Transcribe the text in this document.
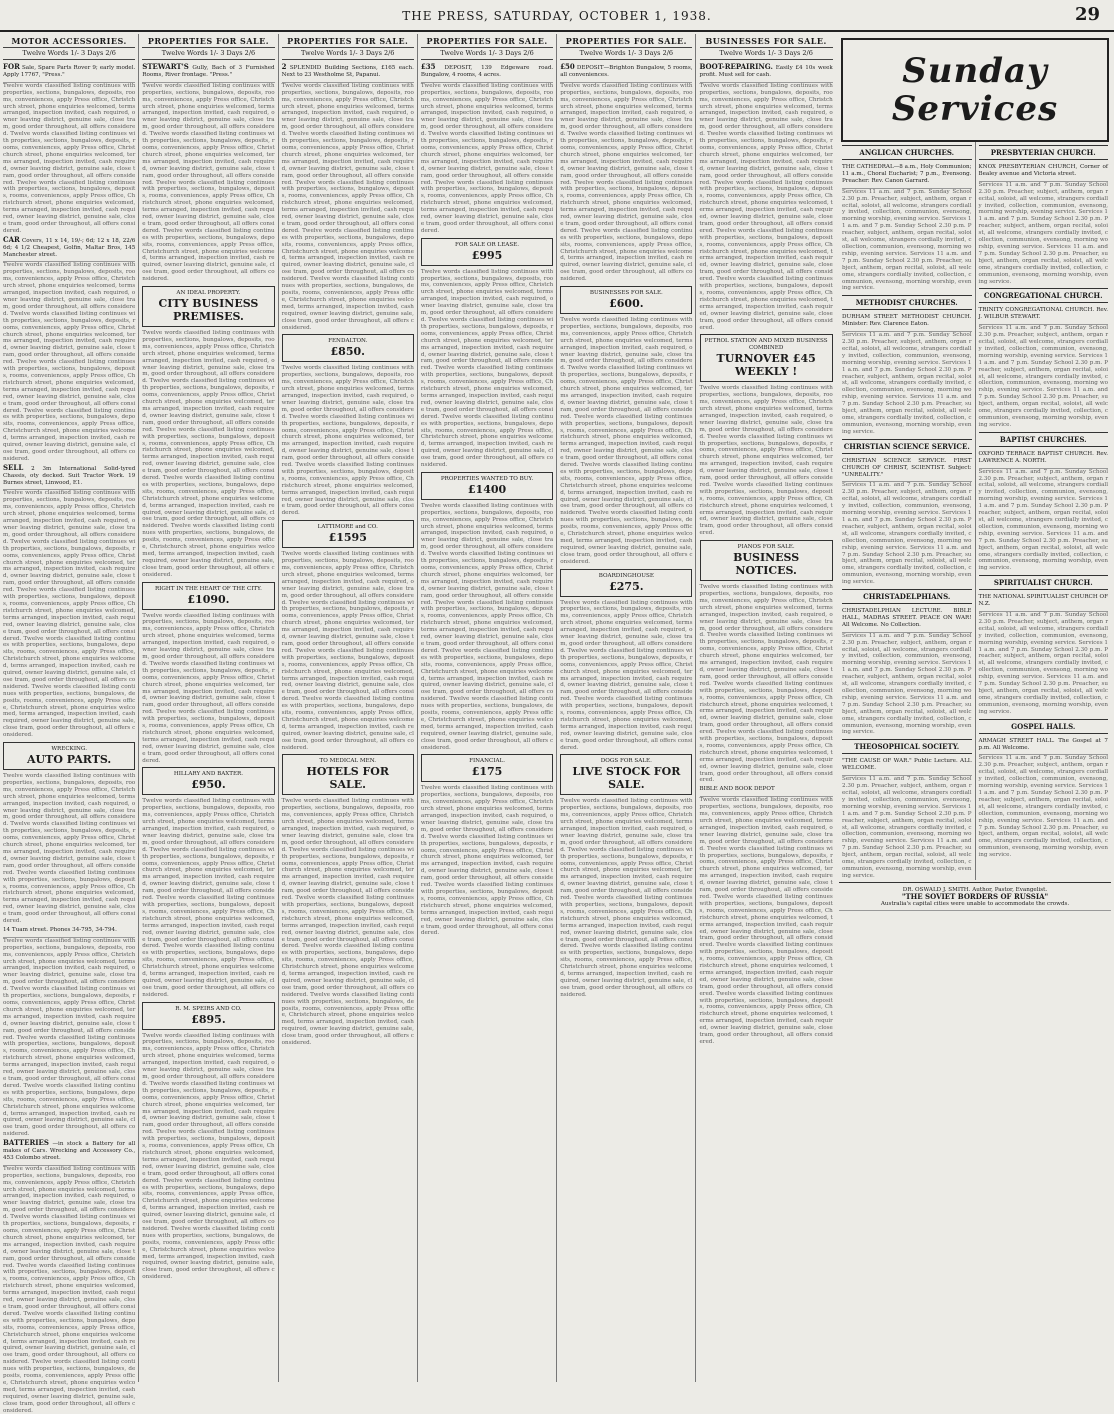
THE PRESS, SATURDAY, OCTOBER 1, 1938.	29
MOTOR ACCESSORIES.
Twelve Words 1/- 3 Days 2/6
FOR Sale, Spare Parts Rover 9; early model. Apply 17767, "Press."
Twelve words classified listing continues with properties, sections, bungalows, deposits, rooms, conveniences, apply Press office, Christchurch street, phone enquiries welcomed, terms arranged, inspection invited, cash required, owner leaving district, genuine sale, close tram, good order throughout, all offers considered. Twelve words classified listing continues with properties, sections, bungalows, deposits, rooms, conveniences, apply Press office, Christchurch street, phone enquiries welcomed, terms arranged, inspection invited, cash required, owner leaving district, genuine sale, close tram, good order throughout, all offers considered. Twelve words classified listing continues with properties, sections, bungalows, deposits, rooms, conveniences, apply Press office, Christchurch street, phone enquiries welcomed, terms arranged, inspection invited, cash required, owner leaving district, genuine sale, close tram, good order throughout, all offers considered.
CAR Covers, 11 x 14, 19/-; 6d; 12 x 18, 22/6 6d; 4 1/2 Cheapest, Golfin, Maltar Bros, 145 Manchester street.
Twelve words classified listing continues with properties, sections, bungalows, deposits, rooms, conveniences, apply Press office, Christchurch street, phone enquiries welcomed, terms arranged, inspection invited, cash required, owner leaving district, genuine sale, close tram, good order throughout, all offers considered. Twelve words classified listing continues with properties, sections, bungalows, deposits, rooms, conveniences, apply Press office, Christchurch street, phone enquiries welcomed, terms arranged, inspection invited, cash required, owner leaving district, genuine sale, close tram, good order throughout, all offers considered. Twelve words classified listing continues with properties, sections, bungalows, deposits, rooms, conveniences, apply Press office, Christchurch street, phone enquiries welcomed, terms arranged, inspection invited, cash required, owner leaving district, genuine sale, close tram, good order throughout, all offers considered. Twelve words classified listing continues with properties, sections, bungalows, deposits, rooms, conveniences, apply Press office, Christchurch street, phone enquiries welcomed, terms arranged, inspection invited, cash required, owner leaving district, genuine sale, close tram, good order throughout, all offers considered.
SELL 2 3m International Solid-tyred Chassis, oty decked. Suit Tractor Work. 19 Burnes street, Linwood, E1.
Twelve words classified listing continues with properties, sections, bungalows, deposits, rooms, conveniences, apply Press office, Christchurch street, phone enquiries welcomed, terms arranged, inspection invited, cash required, owner leaving district, genuine sale, close tram, good order throughout, all offers considered. Twelve words classified listing continues with properties, sections, bungalows, deposits, rooms, conveniences, apply Press office, Christchurch street, phone enquiries welcomed, terms arranged, inspection invited, cash required, owner leaving district, genuine sale, close tram, good order throughout, all offers considered. Twelve words classified listing continues with properties, sections, bungalows, deposits, rooms, conveniences, apply Press office, Christchurch street, phone enquiries welcomed, terms arranged, inspection invited, cash required, owner leaving district, genuine sale, close tram, good order throughout, all offers considered. Twelve words classified listing continues with properties, sections, bungalows, deposits, rooms, conveniences, apply Press office, Christchurch street, phone enquiries welcomed, terms arranged, inspection invited, cash required, owner leaving district, genuine sale, close tram, good order throughout, all offers considered. Twelve words classified listing continues with properties, sections, bungalows, deposits, rooms, conveniences, apply Press office, Christchurch street, phone enquiries welcomed, terms arranged, inspection invited, cash required, owner leaving district, genuine sale, close tram, good order throughout, all offers considered.
WRECKING.
AUTO PARTS.
Twelve words classified listing continues with properties, sections, bungalows, deposits, rooms, conveniences, apply Press office, Christchurch street, phone enquiries welcomed, terms arranged, inspection invited, cash required, owner leaving district, genuine sale, close tram, good order throughout, all offers considered. Twelve words classified listing continues with properties, sections, bungalows, deposits, rooms, conveniences, apply Press office, Christchurch street, phone enquiries welcomed, terms arranged, inspection invited, cash required, owner leaving district, genuine sale, close tram, good order throughout, all offers considered. Twelve words classified listing continues with properties, sections, bungalows, deposits, rooms, conveniences, apply Press office, Christchurch street, phone enquiries welcomed, terms arranged, inspection invited, cash required, owner leaving district, genuine sale, close tram, good order throughout, all offers considered.
14 Tuam street. Phones 34-795, 34-794.
Twelve words classified listing continues with properties, sections, bungalows, deposits, rooms, conveniences, apply Press office, Christchurch street, phone enquiries welcomed, terms arranged, inspection invited, cash required, owner leaving district, genuine sale, close tram, good order throughout, all offers considered. Twelve words classified listing continues with properties, sections, bungalows, deposits, rooms, conveniences, apply Press office, Christchurch street, phone enquiries welcomed, terms arranged, inspection invited, cash required, owner leaving district, genuine sale, close tram, good order throughout, all offers considered. Twelve words classified listing continues with properties, sections, bungalows, deposits, rooms, conveniences, apply Press office, Christchurch street, phone enquiries welcomed, terms arranged, inspection invited, cash required, owner leaving district, genuine sale, close tram, good order throughout, all offers considered. Twelve words classified listing continues with properties, sections, bungalows, deposits, rooms, conveniences, apply Press office, Christchurch street, phone enquiries welcomed, terms arranged, inspection invited, cash required, owner leaving district, genuine sale, close tram, good order throughout, all offers considered.
BATTERIES —in stock a Battery for all makes of Cars. Wrecking and Accessory Co., 453 Colombo street.
Twelve words classified listing continues with properties, sections, bungalows, deposits, rooms, conveniences, apply Press office, Christchurch street, phone enquiries welcomed, terms arranged, inspection invited, cash required, owner leaving district, genuine sale, close tram, good order throughout, all offers considered. Twelve words classified listing continues with properties, sections, bungalows, deposits, rooms, conveniences, apply Press office, Christchurch street, phone enquiries welcomed, terms arranged, inspection invited, cash required, owner leaving district, genuine sale, close tram, good order throughout, all offers considered. Twelve words classified listing continues with properties, sections, bungalows, deposits, rooms, conveniences, apply Press office, Christchurch street, phone enquiries welcomed, terms arranged, inspection invited, cash required, owner leaving district, genuine sale, close tram, good order throughout, all offers considered. Twelve words classified listing continues with properties, sections, bungalows, deposits, rooms, conveniences, apply Press office, Christchurch street, phone enquiries welcomed, terms arranged, inspection invited, cash required, owner leaving district, genuine sale, close tram, good order throughout, all offers considered. Twelve words classified listing continues with properties, sections, bungalows, deposits, rooms, conveniences, apply Press office, Christchurch street, phone enquiries welcomed, terms arranged, inspection invited, cash required, owner leaving district, genuine sale, close tram, good order throughout, all offers considered.
PROPERTIES FOR SALE.
Twelve Words 1/- 3 Days 2/6
STEWART'S Gully, Bach of 3 Furnished Rooms, River frontage. "Press."
Twelve words classified listing continues with properties, sections, bungalows, deposits, rooms, conveniences, apply Press office, Christchurch street, phone enquiries welcomed, terms arranged, inspection invited, cash required, owner leaving district, genuine sale, close tram, good order throughout, all offers considered. Twelve words classified listing continues with properties, sections, bungalows, deposits, rooms, conveniences, apply Press office, Christchurch street, phone enquiries welcomed, terms arranged, inspection invited, cash required, owner leaving district, genuine sale, close tram, good order throughout, all offers considered. Twelve words classified listing continues with properties, sections, bungalows, deposits, rooms, conveniences, apply Press office, Christchurch street, phone enquiries welcomed, terms arranged, inspection invited, cash required, owner leaving district, genuine sale, close tram, good order throughout, all offers considered. Twelve words classified listing continues with properties, sections, bungalows, deposits, rooms, conveniences, apply Press office, Christchurch street, phone enquiries welcomed, terms arranged, inspection invited, cash required, owner leaving district, genuine sale, close tram, good order throughout, all offers considered.
AN IDEAL PROPERTY.
CITY BUSINESS PREMISES.
Twelve words classified listing continues with properties, sections, bungalows, deposits, rooms, conveniences, apply Press office, Christchurch street, phone enquiries welcomed, terms arranged, inspection invited, cash required, owner leaving district, genuine sale, close tram, good order throughout, all offers considered. Twelve words classified listing continues with properties, sections, bungalows, deposits, rooms, conveniences, apply Press office, Christchurch street, phone enquiries welcomed, terms arranged, inspection invited, cash required, owner leaving district, genuine sale, close tram, good order throughout, all offers considered. Twelve words classified listing continues with properties, sections, bungalows, deposits, rooms, conveniences, apply Press office, Christchurch street, phone enquiries welcomed, terms arranged, inspection invited, cash required, owner leaving district, genuine sale, close tram, good order throughout, all offers considered. Twelve words classified listing continues with properties, sections, bungalows, deposits, rooms, conveniences, apply Press office, Christchurch street, phone enquiries welcomed, terms arranged, inspection invited, cash required, owner leaving district, genuine sale, close tram, good order throughout, all offers considered. Twelve words classified listing continues with properties, sections, bungalows, deposits, rooms, conveniences, apply Press office, Christchurch street, phone enquiries welcomed, terms arranged, inspection invited, cash required, owner leaving district, genuine sale, close tram, good order throughout, all offers considered.
RIGHT IN THE HEART OF THE CITY.
£1090.
Twelve words classified listing continues with properties, sections, bungalows, deposits, rooms, conveniences, apply Press office, Christchurch street, phone enquiries welcomed, terms arranged, inspection invited, cash required, owner leaving district, genuine sale, close tram, good order throughout, all offers considered. Twelve words classified listing continues with properties, sections, bungalows, deposits, rooms, conveniences, apply Press office, Christchurch street, phone enquiries welcomed, terms arranged, inspection invited, cash required, owner leaving district, genuine sale, close tram, good order throughout, all offers considered. Twelve words classified listing continues with properties, sections, bungalows, deposits, rooms, conveniences, apply Press office, Christchurch street, phone enquiries welcomed, terms arranged, inspection invited, cash required, owner leaving district, genuine sale, close tram, good order throughout, all offers considered.
HILLARY AND BAXTER.
£950.
Twelve words classified listing continues with properties, sections, bungalows, deposits, rooms, conveniences, apply Press office, Christchurch street, phone enquiries welcomed, terms arranged, inspection invited, cash required, owner leaving district, genuine sale, close tram, good order throughout, all offers considered. Twelve words classified listing continues with properties, sections, bungalows, deposits, rooms, conveniences, apply Press office, Christchurch street, phone enquiries welcomed, terms arranged, inspection invited, cash required, owner leaving district, genuine sale, close tram, good order throughout, all offers considered. Twelve words classified listing continues with properties, sections, bungalows, deposits, rooms, conveniences, apply Press office, Christchurch street, phone enquiries welcomed, terms arranged, inspection invited, cash required, owner leaving district, genuine sale, close tram, good order throughout, all offers considered. Twelve words classified listing continues with properties, sections, bungalows, deposits, rooms, conveniences, apply Press office, Christchurch street, phone enquiries welcomed, terms arranged, inspection invited, cash required, owner leaving district, genuine sale, close tram, good order throughout, all offers considered.
R. M. SPEIRS AND CO.
£895.
Twelve words classified listing continues with properties, sections, bungalows, deposits, rooms, conveniences, apply Press office, Christchurch street, phone enquiries welcomed, terms arranged, inspection invited, cash required, owner leaving district, genuine sale, close tram, good order throughout, all offers considered. Twelve words classified listing continues with properties, sections, bungalows, deposits, rooms, conveniences, apply Press office, Christchurch street, phone enquiries welcomed, terms arranged, inspection invited, cash required, owner leaving district, genuine sale, close tram, good order throughout, all offers considered. Twelve words classified listing continues with properties, sections, bungalows, deposits, rooms, conveniences, apply Press office, Christchurch street, phone enquiries welcomed, terms arranged, inspection invited, cash required, owner leaving district, genuine sale, close tram, good order throughout, all offers considered. Twelve words classified listing continues with properties, sections, bungalows, deposits, rooms, conveniences, apply Press office, Christchurch street, phone enquiries welcomed, terms arranged, inspection invited, cash required, owner leaving district, genuine sale, close tram, good order throughout, all offers considered. Twelve words classified listing continues with properties, sections, bungalows, deposits, rooms, conveniences, apply Press office, Christchurch street, phone enquiries welcomed, terms arranged, inspection invited, cash required, owner leaving district, genuine sale, close tram, good order throughout, all offers considered.
PROPERTIES FOR SALE.
Twelve Words 1/- 3 Days 2/6
2 SPLENDID Building Sections, £165 each. Next to 23 Westholme St, Papanui.
Twelve words classified listing continues with properties, sections, bungalows, deposits, rooms, conveniences, apply Press office, Christchurch street, phone enquiries welcomed, terms arranged, inspection invited, cash required, owner leaving district, genuine sale, close tram, good order throughout, all offers considered. Twelve words classified listing continues with properties, sections, bungalows, deposits, rooms, conveniences, apply Press office, Christchurch street, phone enquiries welcomed, terms arranged, inspection invited, cash required, owner leaving district, genuine sale, close tram, good order throughout, all offers considered. Twelve words classified listing continues with properties, sections, bungalows, deposits, rooms, conveniences, apply Press office, Christchurch street, phone enquiries welcomed, terms arranged, inspection invited, cash required, owner leaving district, genuine sale, close tram, good order throughout, all offers considered. Twelve words classified listing continues with properties, sections, bungalows, deposits, rooms, conveniences, apply Press office, Christchurch street, phone enquiries welcomed, terms arranged, inspection invited, cash required, owner leaving district, genuine sale, close tram, good order throughout, all offers considered. Twelve words classified listing continues with properties, sections, bungalows, deposits, rooms, conveniences, apply Press office, Christchurch street, phone enquiries welcomed, terms arranged, inspection invited, cash required, owner leaving district, genuine sale, close tram, good order throughout, all offers considered.
FENDALTON.
£850.
Twelve words classified listing continues with properties, sections, bungalows, deposits, rooms, conveniences, apply Press office, Christchurch street, phone enquiries welcomed, terms arranged, inspection invited, cash required, owner leaving district, genuine sale, close tram, good order throughout, all offers considered. Twelve words classified listing continues with properties, sections, bungalows, deposits, rooms, conveniences, apply Press office, Christchurch street, phone enquiries welcomed, terms arranged, inspection invited, cash required, owner leaving district, genuine sale, close tram, good order throughout, all offers considered. Twelve words classified listing continues with properties, sections, bungalows, deposits, rooms, conveniences, apply Press office, Christchurch street, phone enquiries welcomed, terms arranged, inspection invited, cash required, owner leaving district, genuine sale, close tram, good order throughout, all offers considered.
LATTIMORE and CO.
£1595
Twelve words classified listing continues with properties, sections, bungalows, deposits, rooms, conveniences, apply Press office, Christchurch street, phone enquiries welcomed, terms arranged, inspection invited, cash required, owner leaving district, genuine sale, close tram, good order throughout, all offers considered. Twelve words classified listing continues with properties, sections, bungalows, deposits, rooms, conveniences, apply Press office, Christchurch street, phone enquiries welcomed, terms arranged, inspection invited, cash required, owner leaving district, genuine sale, close tram, good order throughout, all offers considered. Twelve words classified listing continues with properties, sections, bungalows, deposits, rooms, conveniences, apply Press office, Christchurch street, phone enquiries welcomed, terms arranged, inspection invited, cash required, owner leaving district, genuine sale, close tram, good order throughout, all offers considered. Twelve words classified listing continues with properties, sections, bungalows, deposits, rooms, conveniences, apply Press office, Christchurch street, phone enquiries welcomed, terms arranged, inspection invited, cash required, owner leaving district, genuine sale, close tram, good order throughout, all offers considered.
TO MEDICAL MEN.
HOTELS FOR SALE.
Twelve words classified listing continues with properties, sections, bungalows, deposits, rooms, conveniences, apply Press office, Christchurch street, phone enquiries welcomed, terms arranged, inspection invited, cash required, owner leaving district, genuine sale, close tram, good order throughout, all offers considered. Twelve words classified listing continues with properties, sections, bungalows, deposits, rooms, conveniences, apply Press office, Christchurch street, phone enquiries welcomed, terms arranged, inspection invited, cash required, owner leaving district, genuine sale, close tram, good order throughout, all offers considered. Twelve words classified listing continues with properties, sections, bungalows, deposits, rooms, conveniences, apply Press office, Christchurch street, phone enquiries welcomed, terms arranged, inspection invited, cash required, owner leaving district, genuine sale, close tram, good order throughout, all offers considered. Twelve words classified listing continues with properties, sections, bungalows, deposits, rooms, conveniences, apply Press office, Christchurch street, phone enquiries welcomed, terms arranged, inspection invited, cash required, owner leaving district, genuine sale, close tram, good order throughout, all offers considered. Twelve words classified listing continues with properties, sections, bungalows, deposits, rooms, conveniences, apply Press office, Christchurch street, phone enquiries welcomed, terms arranged, inspection invited, cash required, owner leaving district, genuine sale, close tram, good order throughout, all offers considered.
PROPERTIES FOR SALE.
Twelve Words 1/- 3 Days 2/6
£35 DEPOSIT, 139 Edgeware road. Bungalow, 4 rooms, 4 acres.
Twelve words classified listing continues with properties, sections, bungalows, deposits, rooms, conveniences, apply Press office, Christchurch street, phone enquiries welcomed, terms arranged, inspection invited, cash required, owner leaving district, genuine sale, close tram, good order throughout, all offers considered. Twelve words classified listing continues with properties, sections, bungalows, deposits, rooms, conveniences, apply Press office, Christchurch street, phone enquiries welcomed, terms arranged, inspection invited, cash required, owner leaving district, genuine sale, close tram, good order throughout, all offers considered. Twelve words classified listing continues with properties, sections, bungalows, deposits, rooms, conveniences, apply Press office, Christchurch street, phone enquiries welcomed, terms arranged, inspection invited, cash required, owner leaving district, genuine sale, close tram, good order throughout, all offers considered.
FOR SALE OR LEASE.
£995
Twelve words classified listing continues with properties, sections, bungalows, deposits, rooms, conveniences, apply Press office, Christchurch street, phone enquiries welcomed, terms arranged, inspection invited, cash required, owner leaving district, genuine sale, close tram, good order throughout, all offers considered. Twelve words classified listing continues with properties, sections, bungalows, deposits, rooms, conveniences, apply Press office, Christchurch street, phone enquiries welcomed, terms arranged, inspection invited, cash required, owner leaving district, genuine sale, close tram, good order throughout, all offers considered. Twelve words classified listing continues with properties, sections, bungalows, deposits, rooms, conveniences, apply Press office, Christchurch street, phone enquiries welcomed, terms arranged, inspection invited, cash required, owner leaving district, genuine sale, close tram, good order throughout, all offers considered. Twelve words classified listing continues with properties, sections, bungalows, deposits, rooms, conveniences, apply Press office, Christchurch street, phone enquiries welcomed, terms arranged, inspection invited, cash required, owner leaving district, genuine sale, close tram, good order throughout, all offers considered.
PROPERTIES WANTED TO BUY.
£1400
Twelve words classified listing continues with properties, sections, bungalows, deposits, rooms, conveniences, apply Press office, Christchurch street, phone enquiries welcomed, terms arranged, inspection invited, cash required, owner leaving district, genuine sale, close tram, good order throughout, all offers considered. Twelve words classified listing continues with properties, sections, bungalows, deposits, rooms, conveniences, apply Press office, Christchurch street, phone enquiries welcomed, terms arranged, inspection invited, cash required, owner leaving district, genuine sale, close tram, good order throughout, all offers considered. Twelve words classified listing continues with properties, sections, bungalows, deposits, rooms, conveniences, apply Press office, Christchurch street, phone enquiries welcomed, terms arranged, inspection invited, cash required, owner leaving district, genuine sale, close tram, good order throughout, all offers considered. Twelve words classified listing continues with properties, sections, bungalows, deposits, rooms, conveniences, apply Press office, Christchurch street, phone enquiries welcomed, terms arranged, inspection invited, cash required, owner leaving district, genuine sale, close tram, good order throughout, all offers considered. Twelve words classified listing continues with properties, sections, bungalows, deposits, rooms, conveniences, apply Press office, Christchurch street, phone enquiries welcomed, terms arranged, inspection invited, cash required, owner leaving district, genuine sale, close tram, good order throughout, all offers considered.
FINANCIAL.
£175
Twelve words classified listing continues with properties, sections, bungalows, deposits, rooms, conveniences, apply Press office, Christchurch street, phone enquiries welcomed, terms arranged, inspection invited, cash required, owner leaving district, genuine sale, close tram, good order throughout, all offers considered. Twelve words classified listing continues with properties, sections, bungalows, deposits, rooms, conveniences, apply Press office, Christchurch street, phone enquiries welcomed, terms arranged, inspection invited, cash required, owner leaving district, genuine sale, close tram, good order throughout, all offers considered. Twelve words classified listing continues with properties, sections, bungalows, deposits, rooms, conveniences, apply Press office, Christchurch street, phone enquiries welcomed, terms arranged, inspection invited, cash required, owner leaving district, genuine sale, close tram, good order throughout, all offers considered.
PROPERTIES FOR SALE.
Twelve Words 1/- 3 Days 2/6
£50 DEPOSIT—Brighton Bungalow, 5 rooms, all conveniences.
Twelve words classified listing continues with properties, sections, bungalows, deposits, rooms, conveniences, apply Press office, Christchurch street, phone enquiries welcomed, terms arranged, inspection invited, cash required, owner leaving district, genuine sale, close tram, good order throughout, all offers considered. Twelve words classified listing continues with properties, sections, bungalows, deposits, rooms, conveniences, apply Press office, Christchurch street, phone enquiries welcomed, terms arranged, inspection invited, cash required, owner leaving district, genuine sale, close tram, good order throughout, all offers considered. Twelve words classified listing continues with properties, sections, bungalows, deposits, rooms, conveniences, apply Press office, Christchurch street, phone enquiries welcomed, terms arranged, inspection invited, cash required, owner leaving district, genuine sale, close tram, good order throughout, all offers considered. Twelve words classified listing continues with properties, sections, bungalows, deposits, rooms, conveniences, apply Press office, Christchurch street, phone enquiries welcomed, terms arranged, inspection invited, cash required, owner leaving district, genuine sale, close tram, good order throughout, all offers considered.
BUSINESSES FOR SALE.
£600.
Twelve words classified listing continues with properties, sections, bungalows, deposits, rooms, conveniences, apply Press office, Christchurch street, phone enquiries welcomed, terms arranged, inspection invited, cash required, owner leaving district, genuine sale, close tram, good order throughout, all offers considered. Twelve words classified listing continues with properties, sections, bungalows, deposits, rooms, conveniences, apply Press office, Christchurch street, phone enquiries welcomed, terms arranged, inspection invited, cash required, owner leaving district, genuine sale, close tram, good order throughout, all offers considered. Twelve words classified listing continues with properties, sections, bungalows, deposits, rooms, conveniences, apply Press office, Christchurch street, phone enquiries welcomed, terms arranged, inspection invited, cash required, owner leaving district, genuine sale, close tram, good order throughout, all offers considered. Twelve words classified listing continues with properties, sections, bungalows, deposits, rooms, conveniences, apply Press office, Christchurch street, phone enquiries welcomed, terms arranged, inspection invited, cash required, owner leaving district, genuine sale, close tram, good order throughout, all offers considered. Twelve words classified listing continues with properties, sections, bungalows, deposits, rooms, conveniences, apply Press office, Christchurch street, phone enquiries welcomed, terms arranged, inspection invited, cash required, owner leaving district, genuine sale, close tram, good order throughout, all offers considered.
BOARDINGHOUSE
£275.
Twelve words classified listing continues with properties, sections, bungalows, deposits, rooms, conveniences, apply Press office, Christchurch street, phone enquiries welcomed, terms arranged, inspection invited, cash required, owner leaving district, genuine sale, close tram, good order throughout, all offers considered. Twelve words classified listing continues with properties, sections, bungalows, deposits, rooms, conveniences, apply Press office, Christchurch street, phone enquiries welcomed, terms arranged, inspection invited, cash required, owner leaving district, genuine sale, close tram, good order throughout, all offers considered. Twelve words classified listing continues with properties, sections, bungalows, deposits, rooms, conveniences, apply Press office, Christchurch street, phone enquiries welcomed, terms arranged, inspection invited, cash required, owner leaving district, genuine sale, close tram, good order throughout, all offers considered.
DOGS FOR SALE.
LIVE STOCK FOR SALE.
Twelve words classified listing continues with properties, sections, bungalows, deposits, rooms, conveniences, apply Press office, Christchurch street, phone enquiries welcomed, terms arranged, inspection invited, cash required, owner leaving district, genuine sale, close tram, good order throughout, all offers considered. Twelve words classified listing continues with properties, sections, bungalows, deposits, rooms, conveniences, apply Press office, Christchurch street, phone enquiries welcomed, terms arranged, inspection invited, cash required, owner leaving district, genuine sale, close tram, good order throughout, all offers considered. Twelve words classified listing continues with properties, sections, bungalows, deposits, rooms, conveniences, apply Press office, Christchurch street, phone enquiries welcomed, terms arranged, inspection invited, cash required, owner leaving district, genuine sale, close tram, good order throughout, all offers considered. Twelve words classified listing continues with properties, sections, bungalows, deposits, rooms, conveniences, apply Press office, Christchurch street, phone enquiries welcomed, terms arranged, inspection invited, cash required, owner leaving district, genuine sale, close tram, good order throughout, all offers considered.
BUSINESSES FOR SALE.
Twelve Words 1/- 3 Days 2/6
BOOT-REPAIRING. Easily £4 10s week profit. Must sell for cash.
Twelve words classified listing continues with properties, sections, bungalows, deposits, rooms, conveniences, apply Press office, Christchurch street, phone enquiries welcomed, terms arranged, inspection invited, cash required, owner leaving district, genuine sale, close tram, good order throughout, all offers considered. Twelve words classified listing continues with properties, sections, bungalows, deposits, rooms, conveniences, apply Press office, Christchurch street, phone enquiries welcomed, terms arranged, inspection invited, cash required, owner leaving district, genuine sale, close tram, good order throughout, all offers considered. Twelve words classified listing continues with properties, sections, bungalows, deposits, rooms, conveniences, apply Press office, Christchurch street, phone enquiries welcomed, terms arranged, inspection invited, cash required, owner leaving district, genuine sale, close tram, good order throughout, all offers considered. Twelve words classified listing continues with properties, sections, bungalows, deposits, rooms, conveniences, apply Press office, Christchurch street, phone enquiries welcomed, terms arranged, inspection invited, cash required, owner leaving district, genuine sale, close tram, good order throughout, all offers considered. Twelve words classified listing continues with properties, sections, bungalows, deposits, rooms, conveniences, apply Press office, Christchurch street, phone enquiries welcomed, terms arranged, inspection invited, cash required, owner leaving district, genuine sale, close tram, good order throughout, all offers considered.
PETROL STATION AND MIXED BUSINESS COMBINED
TURNOVER £45 WEEKLY !
Twelve words classified listing continues with properties, sections, bungalows, deposits, rooms, conveniences, apply Press office, Christchurch street, phone enquiries welcomed, terms arranged, inspection invited, cash required, owner leaving district, genuine sale, close tram, good order throughout, all offers considered. Twelve words classified listing continues with properties, sections, bungalows, deposits, rooms, conveniences, apply Press office, Christchurch street, phone enquiries welcomed, terms arranged, inspection invited, cash required, owner leaving district, genuine sale, close tram, good order throughout, all offers considered. Twelve words classified listing continues with properties, sections, bungalows, deposits, rooms, conveniences, apply Press office, Christchurch street, phone enquiries welcomed, terms arranged, inspection invited, cash required, owner leaving district, genuine sale, close tram, good order throughout, all offers considered.
PIANOS FOR SALE.
BUSINESS NOTICES.
Twelve words classified listing continues with properties, sections, bungalows, deposits, rooms, conveniences, apply Press office, Christchurch street, phone enquiries welcomed, terms arranged, inspection invited, cash required, owner leaving district, genuine sale, close tram, good order throughout, all offers considered. Twelve words classified listing continues with properties, sections, bungalows, deposits, rooms, conveniences, apply Press office, Christchurch street, phone enquiries welcomed, terms arranged, inspection invited, cash required, owner leaving district, genuine sale, close tram, good order throughout, all offers considered. Twelve words classified listing continues with properties, sections, bungalows, deposits, rooms, conveniences, apply Press office, Christchurch street, phone enquiries welcomed, terms arranged, inspection invited, cash required, owner leaving district, genuine sale, close tram, good order throughout, all offers considered. Twelve words classified listing continues with properties, sections, bungalows, deposits, rooms, conveniences, apply Press office, Christchurch street, phone enquiries welcomed, terms arranged, inspection invited, cash required, owner leaving district, genuine sale, close tram, good order throughout, all offers considered.
BIBLE AND BOOK DEPOT
Twelve words classified listing continues with properties, sections, bungalows, deposits, rooms, conveniences, apply Press office, Christchurch street, phone enquiries welcomed, terms arranged, inspection invited, cash required, owner leaving district, genuine sale, close tram, good order throughout, all offers considered. Twelve words classified listing continues with properties, sections, bungalows, deposits, rooms, conveniences, apply Press office, Christchurch street, phone enquiries welcomed, terms arranged, inspection invited, cash required, owner leaving district, genuine sale, close tram, good order throughout, all offers considered. Twelve words classified listing continues with properties, sections, bungalows, deposits, rooms, conveniences, apply Press office, Christchurch street, phone enquiries welcomed, terms arranged, inspection invited, cash required, owner leaving district, genuine sale, close tram, good order throughout, all offers considered. Twelve words classified listing continues with properties, sections, bungalows, deposits, rooms, conveniences, apply Press office, Christchurch street, phone enquiries welcomed, terms arranged, inspection invited, cash required, owner leaving district, genuine sale, close tram, good order throughout, all offers considered. Twelve words classified listing continues with properties, sections, bungalows, deposits, rooms, conveniences, apply Press office, Christchurch street, phone enquiries welcomed, terms arranged, inspection invited, cash required, owner leaving district, genuine sale, close tram, good order throughout, all offers considered.
Sunday
Services
ANGLICAN CHURCHES.
THE CATHEDRAL—8 a.m., Holy Communion; 11 a.m., Choral Eucharist; 7 p.m., Evensong. Preacher: Rev. Canon Garrard.
Services 11 a.m. and 7 p.m. Sunday School 2.30 p.m. Preacher, subject, anthem, organ recital, soloist, all welcome, strangers cordially invited, collection, communion, evensong, morning worship, evening service. Services 11 a.m. and 7 p.m. Sunday School 2.30 p.m. Preacher, subject, anthem, organ recital, soloist, all welcome, strangers cordially invited, collection, communion, evensong, morning worship, evening service. Services 11 a.m. and 7 p.m. Sunday School 2.30 p.m. Preacher, subject, anthem, organ recital, soloist, all welcome, strangers cordially invited, collection, communion, evensong, morning worship, evening service.
METHODIST CHURCHES.
DURHAM STREET METHODIST CHURCH. Minister: Rev. Clarence Eaton.
Services 11 a.m. and 7 p.m. Sunday School 2.30 p.m. Preacher, subject, anthem, organ recital, soloist, all welcome, strangers cordially invited, collection, communion, evensong, morning worship, evening service. Services 11 a.m. and 7 p.m. Sunday School 2.30 p.m. Preacher, subject, anthem, organ recital, soloist, all welcome, strangers cordially invited, collection, communion, evensong, morning worship, evening service. Services 11 a.m. and 7 p.m. Sunday School 2.30 p.m. Preacher, subject, anthem, organ recital, soloist, all welcome, strangers cordially invited, collection, communion, evensong, morning worship, evening service.
CHRISTIAN SCIENCE SERVICE.
CHRISTIAN SCIENCE SERVICE. FIRST CHURCH OF CHRIST, SCIENTIST. Subject: "UNREALITY."
Services 11 a.m. and 7 p.m. Sunday School 2.30 p.m. Preacher, subject, anthem, organ recital, soloist, all welcome, strangers cordially invited, collection, communion, evensong, morning worship, evening service. Services 11 a.m. and 7 p.m. Sunday School 2.30 p.m. Preacher, subject, anthem, organ recital, soloist, all welcome, strangers cordially invited, collection, communion, evensong, morning worship, evening service. Services 11 a.m. and 7 p.m. Sunday School 2.30 p.m. Preacher, subject, anthem, organ recital, soloist, all welcome, strangers cordially invited, collection, communion, evensong, morning worship, evening service.
CHRISTADELPHIANS.
CHRISTADELPHIAN LECTURE. BIBLE HALL, MADRAS STREET. PEACE ON WAR! All Welcome. No Collection.
Services 11 a.m. and 7 p.m. Sunday School 2.30 p.m. Preacher, subject, anthem, organ recital, soloist, all welcome, strangers cordially invited, collection, communion, evensong, morning worship, evening service. Services 11 a.m. and 7 p.m. Sunday School 2.30 p.m. Preacher, subject, anthem, organ recital, soloist, all welcome, strangers cordially invited, collection, communion, evensong, morning worship, evening service. Services 11 a.m. and 7 p.m. Sunday School 2.30 p.m. Preacher, subject, anthem, organ recital, soloist, all welcome, strangers cordially invited, collection, communion, evensong, morning worship, evening service.
THEOSOPHICAL SOCIETY.
"THE CAUSE OF WAR." Public Lecture. ALL WELCOME.
Services 11 a.m. and 7 p.m. Sunday School 2.30 p.m. Preacher, subject, anthem, organ recital, soloist, all welcome, strangers cordially invited, collection, communion, evensong, morning worship, evening service. Services 11 a.m. and 7 p.m. Sunday School 2.30 p.m. Preacher, subject, anthem, organ recital, soloist, all welcome, strangers cordially invited, collection, communion, evensong, morning worship, evening service. Services 11 a.m. and 7 p.m. Sunday School 2.30 p.m. Preacher, subject, anthem, organ recital, soloist, all welcome, strangers cordially invited, collection, communion, evensong, morning worship, evening service.
PRESBYTERIAN CHURCH.
KNOX PRESBYTERIAN CHURCH, Corner of Bealey avenue and Victoria street.
Services 11 a.m. and 7 p.m. Sunday School 2.30 p.m. Preacher, subject, anthem, organ recital, soloist, all welcome, strangers cordially invited, collection, communion, evensong, morning worship, evening service. Services 11 a.m. and 7 p.m. Sunday School 2.30 p.m. Preacher, subject, anthem, organ recital, soloist, all welcome, strangers cordially invited, collection, communion, evensong, morning worship, evening service. Services 11 a.m. and 7 p.m. Sunday School 2.30 p.m. Preacher, subject, anthem, organ recital, soloist, all welcome, strangers cordially invited, collection, communion, evensong, morning worship, evening service.
CONGREGATIONAL CHURCH.
TRINITY CONGREGATIONAL CHURCH. Rev. J. WILBUR STEWART.
Services 11 a.m. and 7 p.m. Sunday School 2.30 p.m. Preacher, subject, anthem, organ recital, soloist, all welcome, strangers cordially invited, collection, communion, evensong, morning worship, evening service. Services 11 a.m. and 7 p.m. Sunday School 2.30 p.m. Preacher, subject, anthem, organ recital, soloist, all welcome, strangers cordially invited, collection, communion, evensong, morning worship, evening service. Services 11 a.m. and 7 p.m. Sunday School 2.30 p.m. Preacher, subject, anthem, organ recital, soloist, all welcome, strangers cordially invited, collection, communion, evensong, morning worship, evening service.
BAPTIST CHURCHES.
OXFORD TERRACE BAPTIST CHURCH. Rev. LAWRENCE A. NORTH.
Services 11 a.m. and 7 p.m. Sunday School 2.30 p.m. Preacher, subject, anthem, organ recital, soloist, all welcome, strangers cordially invited, collection, communion, evensong, morning worship, evening service. Services 11 a.m. and 7 p.m. Sunday School 2.30 p.m. Preacher, subject, anthem, organ recital, soloist, all welcome, strangers cordially invited, collection, communion, evensong, morning worship, evening service. Services 11 a.m. and 7 p.m. Sunday School 2.30 p.m. Preacher, subject, anthem, organ recital, soloist, all welcome, strangers cordially invited, collection, communion, evensong, morning worship, evening service.
SPIRITUALIST CHURCH.
THE NATIONAL SPIRITUALIST CHURCH OF N.Z.
Services 11 a.m. and 7 p.m. Sunday School 2.30 p.m. Preacher, subject, anthem, organ recital, soloist, all welcome, strangers cordially invited, collection, communion, evensong, morning worship, evening service. Services 11 a.m. and 7 p.m. Sunday School 2.30 p.m. Preacher, subject, anthem, organ recital, soloist, all welcome, strangers cordially invited, collection, communion, evensong, morning worship, evening service. Services 11 a.m. and 7 p.m. Sunday School 2.30 p.m. Preacher, subject, anthem, organ recital, soloist, all welcome, strangers cordially invited, collection, communion, evensong, morning worship, evening service.
GOSPEL HALLS.
ARMAGH STREET HALL. The Gospel at 7 p.m. All Welcome.
Services 11 a.m. and 7 p.m. Sunday School 2.30 p.m. Preacher, subject, anthem, organ recital, soloist, all welcome, strangers cordially invited, collection, communion, evensong, morning worship, evening service. Services 11 a.m. and 7 p.m. Sunday School 2.30 p.m. Preacher, subject, anthem, organ recital, soloist, all welcome, strangers cordially invited, collection, communion, evensong, morning worship, evening service. Services 11 a.m. and 7 p.m. Sunday School 2.30 p.m. Preacher, subject, anthem, organ recital, soloist, all welcome, strangers cordially invited, collection, communion, evensong, morning worship, evening service.
DR. OSWALD J. SMITH. Author, Pastor, Evangelist.
"THE SOVIET BORDERS OF RUSSIA"
Australia's capital cities were unable to accommodate the crowds.
